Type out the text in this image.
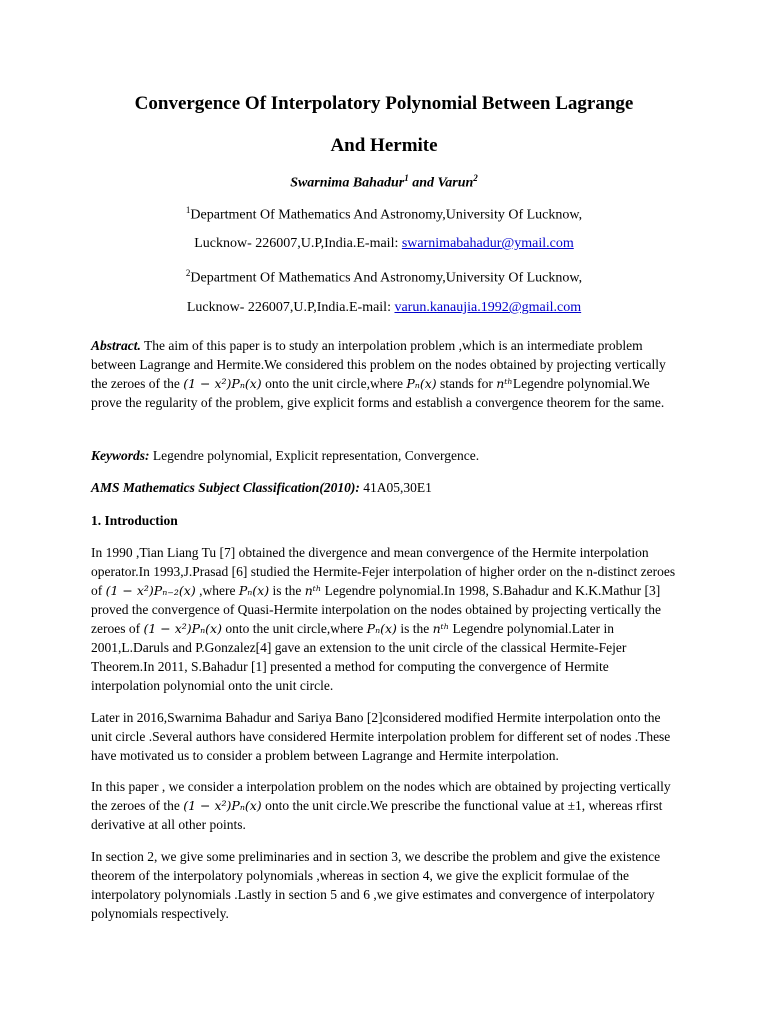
Convergence Of Interpolatory Polynomial Between Lagrange
And Hermite
Swarnima Bahadur$^1$ and Varun$^2$
$^1$Department Of Mathematics And Astronomy,University Of Lucknow,
Lucknow- 226007,U.P,India.E-mail: swarnimabahadur@ymail.com
$^2$Department Of Mathematics And Astronomy,University Of Lucknow,
Lucknow- 226007,U.P,India.E-mail: varun.kanaujia.1992@gmail.com
Abstract. The aim of this paper is to study an interpolation problem ,which is an intermediate problem between Lagrange and Hermite.We considered this problem on the nodes obtained by projecting vertically the zeroes of the (1 − x²)Pₙ(x) onto the unit circle,where Pₙ(x) stands for nᵗʰLegendre polynomial.We prove the regularity of the problem, give explicit forms and establish a convergence theorem for the same.
Keywords: Legendre polynomial, Explicit representation, Convergence.
AMS Mathematics Subject Classification(2010): 41A05,30E1
1. Introduction
In 1990 ,Tian Liang Tu [7] obtained the divergence and mean convergence of the Hermite interpolation operator.In 1993,J.Prasad [6] studied the Hermite-Fejer interpolation of higher order on the n-distinct zeroes of (1 − x²)Pₙ₋₂(x) ,where Pₙ(x) is the nᵗʰ Legendre polynomial.In 1998, S.Bahadur and K.K.Mathur [3] proved the convergence of Quasi-Hermite interpolation on the nodes obtained by projecting vertically the zeroes of (1 − x²)Pₙ(x) onto the unit circle,where Pₙ(x) is the nᵗʰ Legendre polynomial.Later in 2001,L.Daruls and P.Gonzalez[4] gave an extension to the unit circle of the classical Hermite-Fejer Theorem.In 2011, S.Bahadur [1] presented a method for computing the convergence of Hermite interpolation polynomial onto the unit circle.
Later in 2016,Swarnima Bahadur and Sariya Bano [2]considered modified Hermite interpolation onto the unit circle .Several authors have considered Hermite interpolation problem for different set of nodes .These have motivated us to consider a problem between Lagrange and Hermite interpolation.
In this paper , we consider a interpolation problem on the nodes which are obtained by projecting vertically the zeroes of the (1 − x²)Pₙ(x) onto the unit circle.We prescribe the functional value at ±1, whereas rfirst derivative at all other points.
In section 2, we give some preliminaries and in section 3, we describe the problem and give the existence theorem of the interpolatory polynomials ,whereas in section 4, we give the explicit formulae of the interpolatory polynomials .Lastly in section 5 and 6 ,we give estimates and convergence of interpolatory polynomials respectively.
